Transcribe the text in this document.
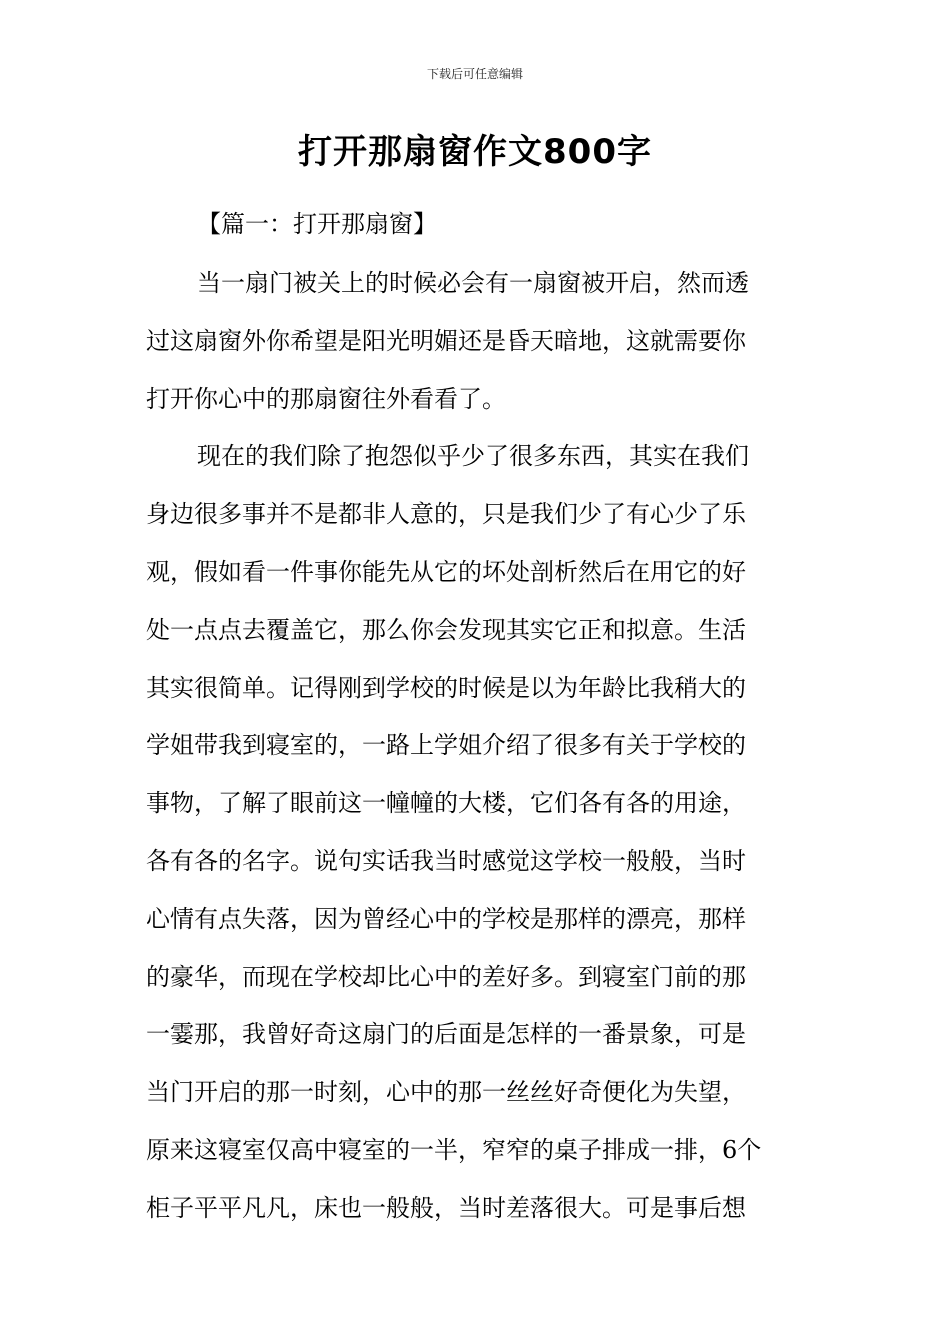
下载后可任意编辑
打开那扇窗作文800字
【篇一：打开那扇窗】
当一扇门被关上的时候必会有一扇窗被开启，然而透
过这扇窗外你希望是阳光明媚还是昏天暗地，这就需要你
打开你心中的那扇窗往外看看了。
现在的我们除了抱怨似乎少了很多东西，其实在我们
身边很多事并不是都非人意的，只是我们少了有心少了乐
观，假如看一件事你能先从它的坏处剖析然后在用它的好
处一点点去覆盖它，那么你会发现其实它正和拟意。生活
其实很简单。记得刚到学校的时候是以为年龄比我稍大的
学姐带我到寝室的，一路上学姐介绍了很多有关于学校的
事物，了解了眼前这一幢幢的大楼，它们各有各的用途，
各有各的名字。说句实话我当时感觉这学校一般般，当时
心情有点失落，因为曾经心中的学校是那样的漂亮，那样
的豪华，而现在学校却比心中的差好多。到寝室门前的那
一霎那，我曾好奇这扇门的后面是怎样的一番景象，可是
当门开启的那一时刻，心中的那一丝丝好奇便化为失望，
原来这寝室仅高中寝室的一半，窄窄的桌子排成一排，6个
柜子平平凡凡，床也一般般，当时差落很大。可是事后想
